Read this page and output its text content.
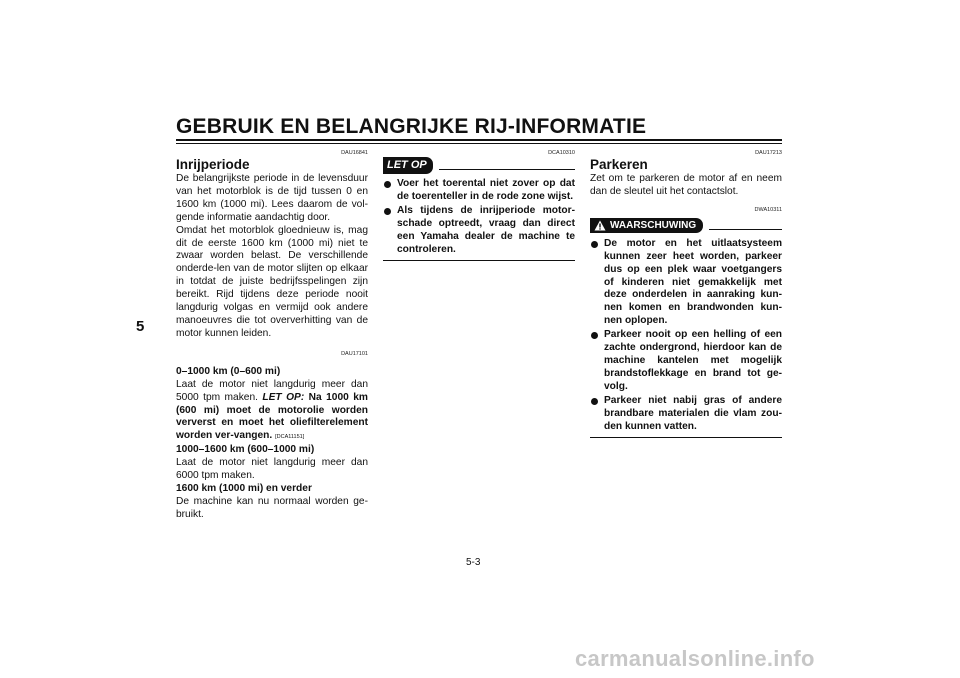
GEBRUIK EN BELANGRIJKE RIJ-INFORMATIE
5
DAU16841
Inrijperiode

De belangrijkste periode in de levensduur van het motorblok is de tijd tussen 0 en 1600 km (1000 mi). Lees daarom de vol-gende informatie aandachtig door.

Omdat het motorblok gloednieuw is, mag dit de eerste 1600 km (1000 mi) niet te zwaar worden belast. De verschillende onderde-len van de motor slijten op elkaar in totdat de juiste bedrijfsspelingen zijn bereikt. Rijd tijdens deze periode nooit langdurig volgas en vermijd ook andere manoeuvres die tot oververhitting van de motor kunnen leiden.

DAU17101

0–1000 km (0–600 mi)

Laat de motor niet langdurig meer dan 5000 tpm maken. LET OP: Na 1000 km (600 mi) moet de motorolie worden ververst en moet het oliefilterelement worden ver-vangen. [DCA11151]

1000–1600 km (600–1000 mi)

Laat de motor niet langdurig meer dan 6000 tpm maken.

1600 km (1000 mi) en verder

De machine kan nu normaal worden ge-bruikt.

DCA10310
LET OP
Voer het toerental niet zover op dat de toerenteller in de rode zone wijst.
Als tijdens de inrijperiode motor-schade optreedt, vraag dan direct een Yamaha dealer de machine te controleren.
DAU17213
Parkeren

Zet om te parkeren de motor af en neem dan de sleutel uit het contactslot.

DWA10311
WAARSCHUWING
De motor en het uitlaatsysteem kunnen zeer heet worden, parkeer dus op een plek waar voetgangers of kinderen niet gemakkelijk met deze onderdelen in aanraking kun-nen komen en brandwonden kun-nen oplopen.
Parkeer nooit op een helling of een zachte ondergrond, hierdoor kan de machine kantelen met mogelijk brandstoflekkage en brand tot ge-volg.
Parkeer niet nabij gras of andere brandbare materialen die vlam zou-den kunnen vatten.
5-3
carmanualsonline.info
